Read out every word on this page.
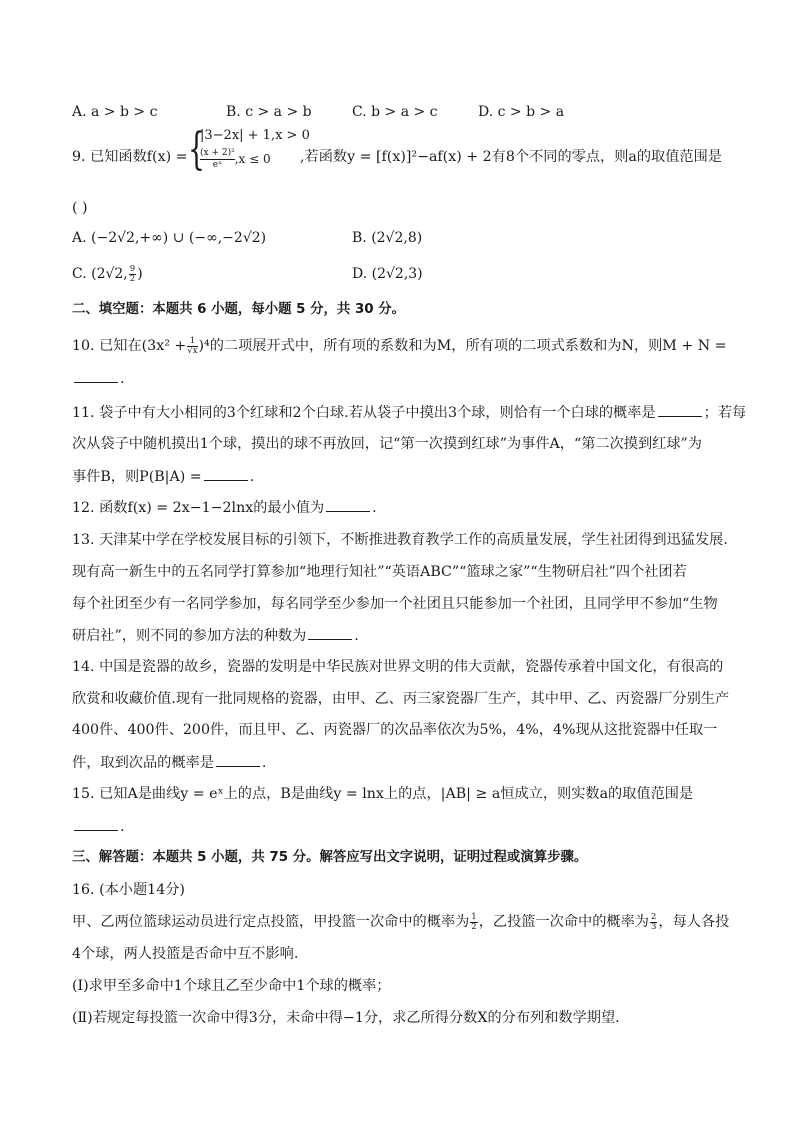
A. a > b > c	B. c > a > b	C. b > a > c	D. c > b > a
9. 已知函数f(x) = {
|3−2x| + 1,x > 0
$\frac{\text{(x + 2)²}}{\text{eˣ}} ,x \le 0$ ,若函数y = [f(x)]²−af(x) + 2有8个不同的零点，则a的取值范围是
( )
A. (−2√2,+∞) ∪ (−∞,−2√2)	B. (2√2,8)
C. (2√2, $\frac{9}{2}$ )	D. (2√2,3)
二、填空题：本题共 6 小题，每小题 5 分，共 30 分。
10. 已知在$(3x^2 + \frac{1}{√x} )^4$的二项展开式中，所有项的系数和为M，所有项的二项式系数和为N，则M + N =
.
11. 袋子中有大小相同的3个红球和2个白球.若从袋子中摸出3个球，则恰有一个白球的概率是	；若每
次从袋子中随机摸出1个球，摸出的球不再放回，记“第一次摸到红球”为事件A，“第二次摸到红球”为
事件B，则P(B|A) =	.
12. 函数f(x) = 2x−1−2lnx的最小值为	.
13. 天津某中学在学校发展目标的引领下，不断推进教育教学工作的高质量发展，学生社团得到迅猛发展.
现有高一新生中的五名同学打算参加“地理行知社”“英语ABC”“篮球之家”“生物研启社”四个社团若
每个社团至少有一名同学参加，每名同学至少参加一个社团且只能参加一个社团，且同学甲不参加“生物
研启社”，则不同的参加方法的种数为	.
14. 中国是瓷器的故乡，瓷器的发明是中华民族对世界文明的伟大贡献，瓷器传承着中国文化，有很高的
欣赏和收藏价值.现有一批同规格的瓷器，由甲、乙、丙三家瓷器厂生产，其中甲、乙、丙瓷器厂分别生产
400件、400件、200件，而且甲、乙、丙瓷器厂的次品率依次为5%，4%，4%现从这批瓷器中任取一
件，取到次品的概率是	.
15. 已知A是曲线y = eˣ上的点，B是曲线y = lnx上的点，|AB| ≥ a恒成立，则实数a的取值范围是
.
三、解答题：本题共 5 小题，共 75 分。解答应写出文字说明，证明过程或演算步骤。
16. (本小题14分)
甲、乙两位篮球运动员进行定点投篮，甲投篮一次命中的概率为 $\frac{1}{2}$ ，乙投篮一次命中的概率为 $\frac{2}{3}$ ，每人各投
4个球，两人投篮是否命中互不影响.
(Ⅰ)求甲至多命中1个球且乙至少命中1个球的概率；
(Ⅱ)若规定每投篮一次命中得3分，未命中得−1分，求乙所得分数X的分布列和数学期望.
